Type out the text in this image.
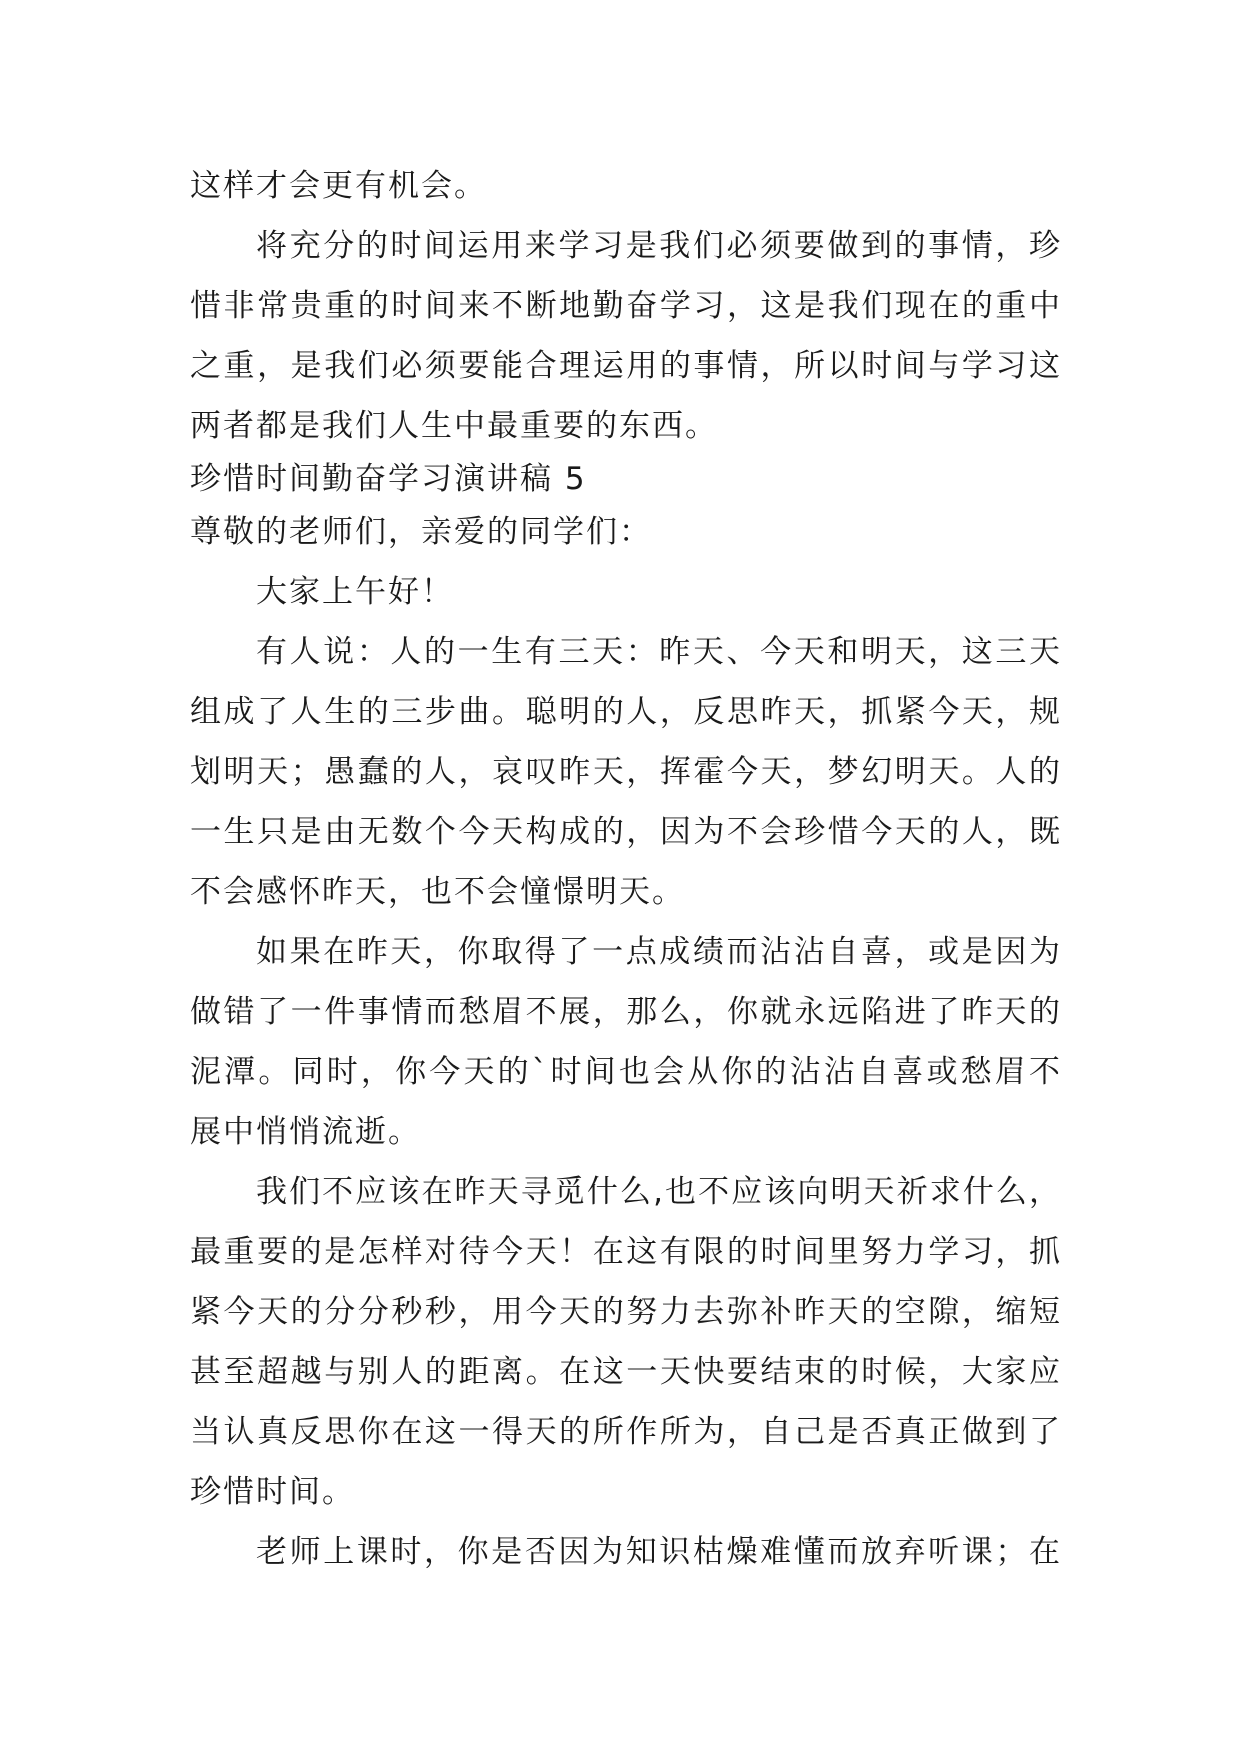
这样才会更有机会。
将充分的时间运用来学习是我们必须要做到的事情，珍
惜非常贵重的时间来不断地勤奋学习，这是我们现在的重中
之重，是我们必须要能合理运用的事情，所以时间与学习这
两者都是我们人生中最重要的东西。
珍惜时间勤奋学习演讲稿 5
尊敬的老师们，亲爱的同学们：
大家上午好！
有人说：人的一生有三天：昨天、今天和明天，这三天
组成了人生的三步曲。聪明的人，反思昨天，抓紧今天，规
划明天；愚蠢的人，哀叹昨天，挥霍今天，梦幻明天。人的
一生只是由无数个今天构成的，因为不会珍惜今天的人，既
不会感怀昨天，也不会憧憬明天。
如果在昨天，你取得了一点成绩而沾沾自喜，或是因为
做错了一件事情而愁眉不展，那么，你就永远陷进了昨天的
泥潭。同时，你今天的`时间也会从你的沾沾自喜或愁眉不
展中悄悄流逝。
我们不应该在昨天寻觅什么,也不应该向明天祈求什么，
最重要的是怎样对待今天！在这有限的时间里努力学习，抓
紧今天的分分秒秒，用今天的努力去弥补昨天的空隙，缩短
甚至超越与别人的距离。在这一天快要结束的时候，大家应
当认真反思你在这一得天的所作所为，自己是否真正做到了
珍惜时间。
老师上课时，你是否因为知识枯燥难懂而放弃听课；在
